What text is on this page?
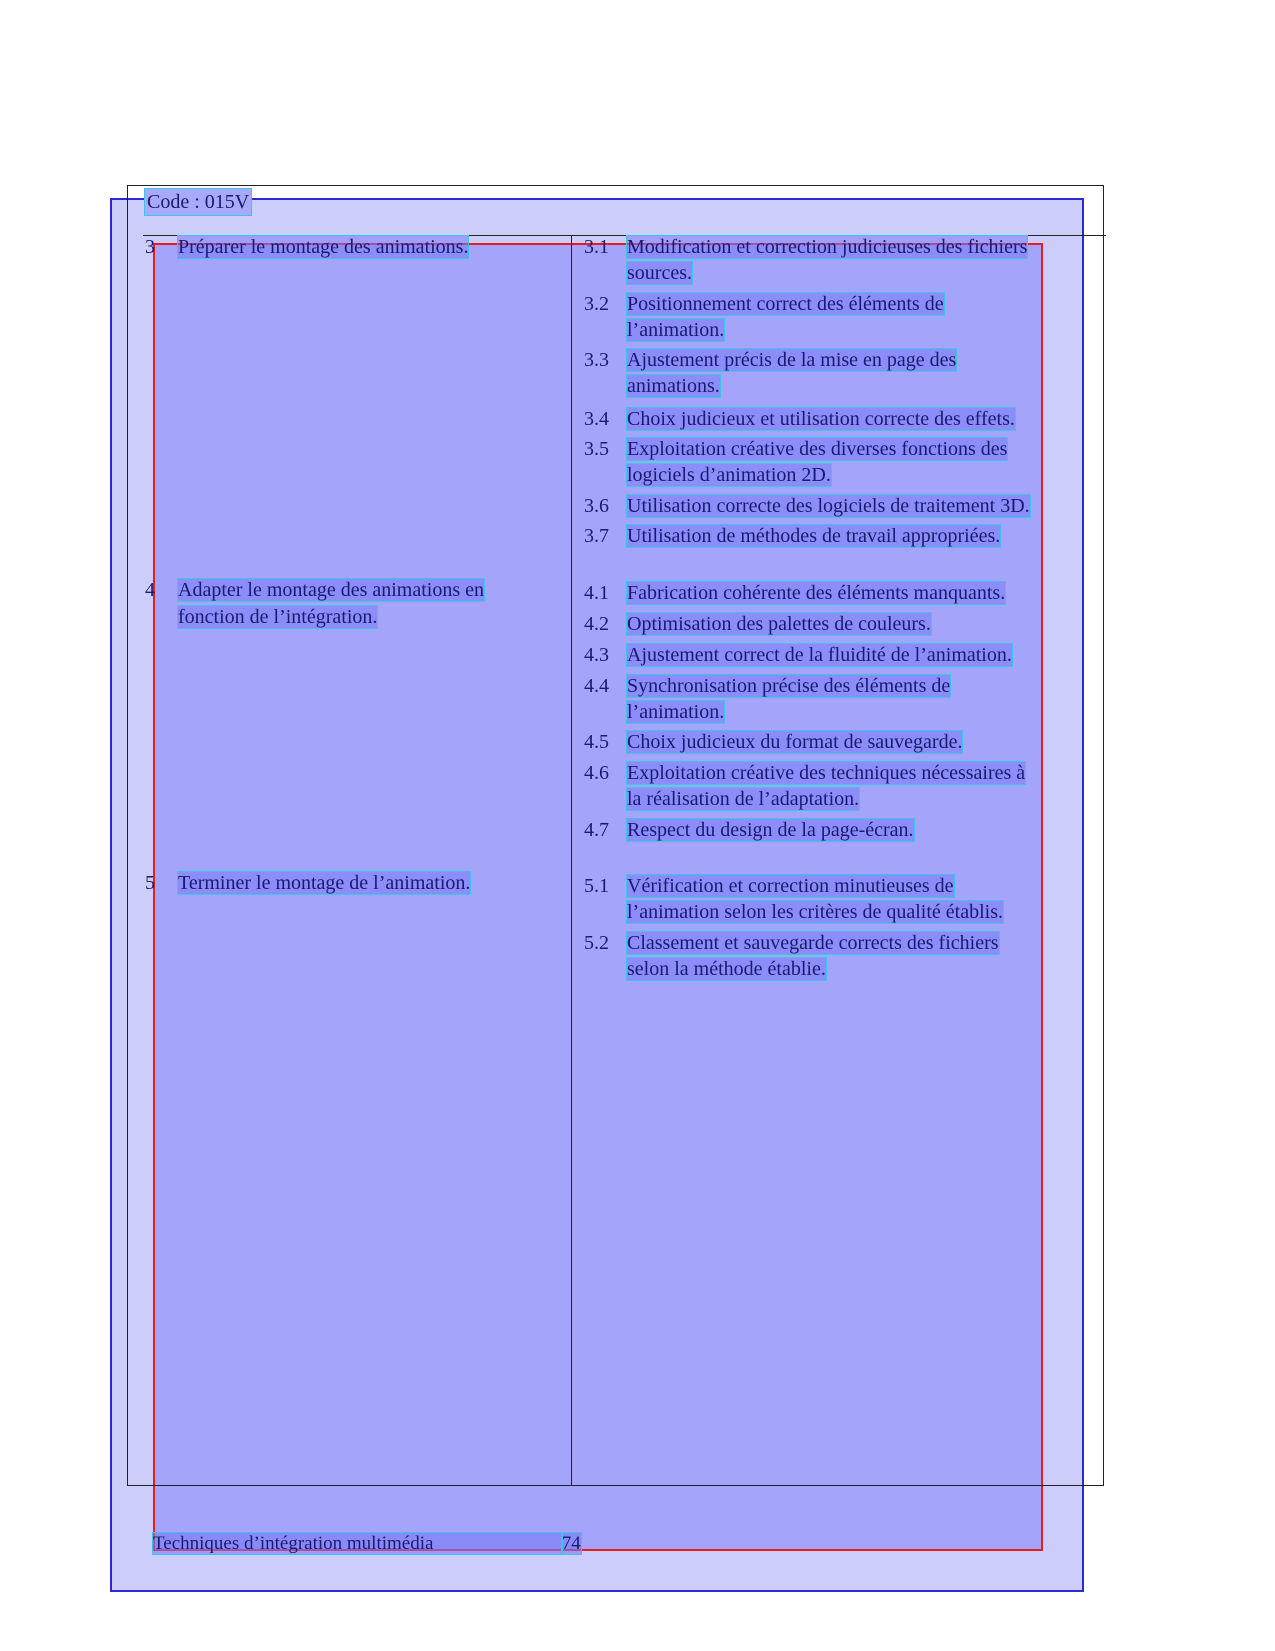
Code : 015V
3 Préparer le montage des animations.
4 Adapter le montage des animations en
fonction de l’intégration.
5 Terminer le montage de l’animation.
3.1 Modification et correction judicieuses des fichiers
sources.
3.2 Positionnement correct des éléments de
l’animation.
3.3 Ajustement précis de la mise en page des
animations.
3.4 Choix judicieux et utilisation correcte des effets.
3.5 Exploitation créative des diverses fonctions des
logiciels d’animation 2D.
3.6 Utilisation correcte des logiciels de traitement 3D.
3.7 Utilisation de méthodes de travail appropriées.
4.1 Fabrication cohérente des éléments manquants.
4.2 Optimisation des palettes de couleurs.
4.3 Ajustement correct de la fluidité de l’animation.
4.4 Synchronisation précise des éléments de
l’animation.
4.5 Choix judicieux du format de sauvegarde.
4.6 Exploitation créative des techniques nécessaires à
la réalisation de l’adaptation.
4.7 Respect du design de la page-écran.
5.1 Vérification et correction minutieuses de
l’animation selon les critères de qualité établis.
5.2 Classement et sauvegarde corrects des fichiers
selon la méthode établie.
Techniques d’intégration multimédia	74
